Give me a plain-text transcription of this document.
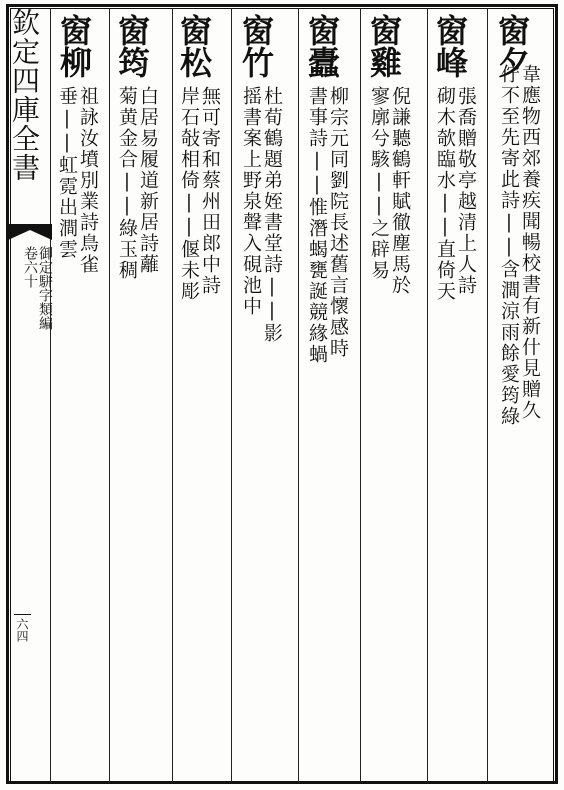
欽定四庫全書
御定駢字類編
卷六十
六四
窗夕
韋應物西郊養疾聞暢校書有新什見贈久
佇不至先寄此詩||含澗涼雨餘愛筠綠
窗峰
張喬贈敬亭越清上人詩
砌木欹臨水||直倚天
窗雞
倪謙聽鶴軒賦徹塵馬於
寥廓兮駭||之辟易
窗蠹
柳宗元同劉院長述舊言懷感時
書事詩||惟潛蝎甕誕競緣蝸
窗竹
杜荀鶴題弟姪書堂詩||影
摇書案上野泉聲入硯池中
窗松
無可寄和蔡州田郎中詩
岸石敧相倚||偃未彫
窗筠
白居易履道新居詩蘺
菊黄金合||綠玉稠
窗柳
祖詠汝墳別業詩鳥雀
垂||虹霓出澗雲
